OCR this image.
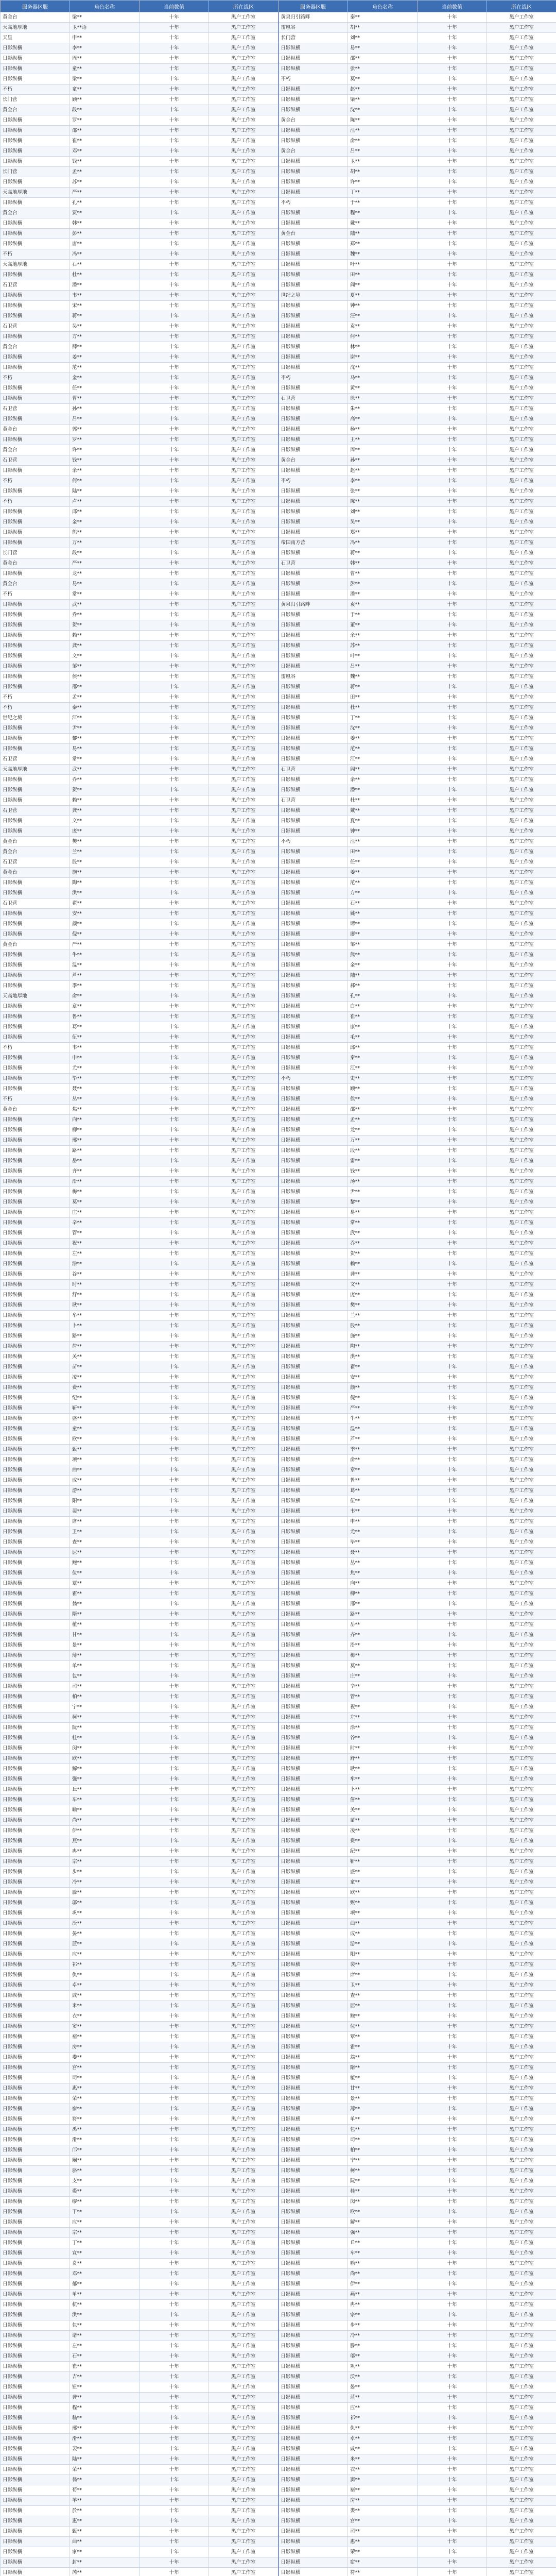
服务器区服	角色名称	当前数值	所在战区	服务器区服	角色名称	当前数值	所在战区
黄金台	梁**	十年	黑户工作室	黄泉归引路畔	秦**	十年	黑户工作室
天高地厚地	卫**语	十年	黑户工作室	雷凰谷	胡**	十年	黑户工作室
天星	申**	十年	黑户工作室	长门营	刘**	十年	黑户工作室
日影纵横	李**	十年	黑户工作室	日影纵横	易**	十年	黑户工作室
日影纵横	周**	十年	黑户工作室	日影纵横	邵**	十年	黑户工作室
日影纵横	童**	十年	黑户工作室	日影纵横	张**	十年	黑户工作室
日影纵横	梁**	十年	黑户工作室	不朽	莫**	十年	黑户工作室
不朽	童**	十年	黑户工作室	日影纵横	赵**	十年	黑户工作室
长门营	顾**	十年	黑户工作室	日影纵横	梁**	十年	黑户工作室
黄金台	段**	十年	黑户工作室	日影纵横	沈**	十年	黑户工作室
日影纵横	罗**	十年	黑户工作室	黄金台	陈**	十年	黑户工作室
日影纵横	邵**	十年	黑户工作室	日影纵横	汪**	十年	黑户工作室
日影纵横	崔**	十年	黑户工作室	日影纵横	俞**	十年	黑户工作室
日影纵横	邓**	十年	黑户工作室	黄金台	吕**	十年	黑户工作室
日影纵横	钱**	十年	黑户工作室	日影纵横	卫**	十年	黑户工作室
长门营	孟**	十年	黑户工作室	日影纵横	胡**	十年	黑户工作室
日影纵横	苏**	十年	黑户工作室	日影纵横	许**	十年	黑户工作室
天高地厚地	严**	十年	黑户工作室	日影纵横	丁**	十年	黑户工作室
日影纵横	孔**	十年	黑户工作室	不朽	于**	十年	黑户工作室
黄金台	贾**	十年	黑户工作室	日影纵横	程**	十年	黑户工作室
日影纵横	韩**	十年	黑户工作室	日影纵横	戴**	十年	黑户工作室
日影纵横	彭**	十年	黑户工作室	黄金台	陆**	十年	黑户工作室
日影纵横	唐**	十年	黑户工作室	日影纵横	郑**	十年	黑户工作室
不朽	冯**	十年	黑户工作室	日影纵横	魏**	十年	黑户工作室
天高地厚地	石**	十年	黑户工作室	日影纵横	叶**	十年	黑户工作室
日影纵横	杜**	十年	黑户工作室	日影纵横	田**	十年	黑户工作室
石卫营	潘**	十年	黑户工作室	日影纵横	阎**	十年	黑户工作室
日影纵横	韦**	十年	黑户工作室	世纪之境	夏**	十年	黑户工作室
日影纵横	宋**	十年	黑户工作室	日影纵横	钟**	十年	黑户工作室
日影纵横	蒋**	十年	黑户工作室	日影纵横	汪**	十年	黑户工作室
石卫营	吴**	十年	黑户工作室	日影纵横	袁**	十年	黑户工作室
日影纵横	方**	十年	黑户工作室	日影纵横	何**	十年	黑户工作室
黄金台	薛**	十年	黑户工作室	日影纵横	林**	十年	黑户工作室
日影纵横	姜**	十年	黑户工作室	日影纵横	谢**	十年	黑户工作室
日影纵横	范**	十年	黑户工作室	日影纵横	沈**	十年	黑户工作室
不朽	金**	十年	黑户工作室	不朽	马**	十年	黑户工作室
日影纵横	任**	十年	黑户工作室	日影纵横	黄**	十年	黑户工作室
日影纵横	曹**	十年	黑户工作室	石卫营	徐**	十年	黑户工作室
石卫营	孙**	十年	黑户工作室	日影纵横	朱**	十年	黑户工作室
日影纵横	吕**	十年	黑户工作室	日影纵横	高**	十年	黑户工作室
黄金台	郭**	十年	黑户工作室	日影纵横	杨**	十年	黑户工作室
日影纵横	罗**	十年	黑户工作室	日影纵横	王**	十年	黑户工作室
黄金台	许**	十年	黑户工作室	日影纵横	周**	十年	黑户工作室
石卫营	钱**	十年	黑户工作室	黄金台	孙**	十年	黑户工作室
日影纵横	余**	十年	黑户工作室	日影纵横	赵**	十年	黑户工作室
不朽	何**	十年	黑户工作室	不朽	李**	十年	黑户工作室
日影纵横	陆**	十年	黑户工作室	日影纵横	张**	十年	黑户工作室
不朽	卢**	十年	黑户工作室	日影纵横	陈**	十年	黑户工作室
日影纵横	邱**	十年	黑户工作室	日影纵横	刘**	十年	黑户工作室
日影纵横	金**	十年	黑户工作室	日影纵横	吴**	十年	黑户工作室
日影纵横	熊**	十年	黑户工作室	日影纵横	郑**	十年	黑户工作室
日影纵横	万**	十年	黑户工作室	帝国南方营	冯**	十年	黑户工作室
长门营	段**	十年	黑户工作室	日影纵横	蒋**	十年	黑户工作室
黄金台	严**	十年	黑户工作室	石卫营	韩**	十年	黑户工作室
日影纵横	龙**	十年	黑户工作室	日影纵横	曹**	十年	黑户工作室
黄金台	易**	十年	黑户工作室	日影纵横	彭**	十年	黑户工作室
不朽	常**	十年	黑户工作室	日影纵横	潘**	十年	黑户工作室
日影纵横	武**	十年	黑户工作室	黄泉归引路畔	袁**	十年	黑户工作室
日影纵横	乔**	十年	黑户工作室	日影纵横	于**	十年	黑户工作室
日影纵横	贺**	十年	黑户工作室	日影纵横	董**	十年	黑户工作室
日影纵横	赖**	十年	黑户工作室	日影纵横	余**	十年	黑户工作室
日影纵横	龚**	十年	黑户工作室	日影纵横	苏**	十年	黑户工作室
日影纵横	文**	十年	黑户工作室	日影纵横	叶**	十年	黑户工作室
日影纵横	邹**	十年	黑户工作室	日影纵横	吕**	十年	黑户工作室
日影纵横	侯**	十年	黑户工作室	雷凰谷	魏**	十年	黑户工作室
日影纵横	邵**	十年	黑户工作室	日影纵横	蒋**	十年	黑户工作室
不朽	孟**	十年	黑户工作室	日影纵横	田**	十年	黑户工作室
不朽	秦**	十年	黑户工作室	日影纵横	杜**	十年	黑户工作室
世纪之境	江**	十年	黑户工作室	日影纵横	丁**	十年	黑户工作室
日影纵横	尹**	十年	黑户工作室	日影纵横	沈**	十年	黑户工作室
日影纵横	黎**	十年	黑户工作室	日影纵横	姜**	十年	黑户工作室
日影纵横	易**	十年	黑户工作室	日影纵横	范**	十年	黑户工作室
石卫营	常**	十年	黑户工作室	日影纵横	江**	十年	黑户工作室
天高地厚地	武**	十年	黑户工作室	石卫营	阎**	十年	黑户工作室
日影纵横	乔**	十年	黑户工作室	日影纵横	余**	十年	黑户工作室
日影纵横	贺**	十年	黑户工作室	日影纵横	潘**	十年	黑户工作室
日影纵横	赖**	十年	黑户工作室	石卫营	杜**	十年	黑户工作室
石卫营	龚**	十年	黑户工作室	日影纵横	戴**	十年	黑户工作室
日影纵横	文**	十年	黑户工作室	日影纵横	夏**	十年	黑户工作室
日影纵横	庞**	十年	黑户工作室	日影纵横	钟**	十年	黑户工作室
黄金台	樊**	十年	黑户工作室	不朽	汪**	十年	黑户工作室
黄金台	兰**	十年	黑户工作室	日影纵横	田**	十年	黑户工作室
石卫营	殷**	十年	黑户工作室	日影纵横	任**	十年	黑户工作室
黄金台	施**	十年	黑户工作室	日影纵横	姜**	十年	黑户工作室
日影纵横	陶**	十年	黑户工作室	日影纵横	范**	十年	黑户工作室
日影纵横	洪**	十年	黑户工作室	日影纵横	方**	十年	黑户工作室
石卫营	翟**	十年	黑户工作室	日影纵横	石**	十年	黑户工作室
日影纵横	安**	十年	黑户工作室	日影纵横	姚**	十年	黑户工作室
日影纵横	颜**	十年	黑户工作室	日影纵横	谭**	十年	黑户工作室
日影纵横	倪**	十年	黑户工作室	日影纵横	廖**	十年	黑户工作室
黄金台	严**	十年	黑户工作室	日影纵横	邹**	十年	黑户工作室
日影纵横	牛**	十年	黑户工作室	日影纵横	熊**	十年	黑户工作室
日影纵横	温**	十年	黑户工作室	日影纵横	金**	十年	黑户工作室
日影纵横	芦**	十年	黑户工作室	日影纵横	陆**	十年	黑户工作室
日影纵横	季**	十年	黑户工作室	日影纵横	郝**	十年	黑户工作室
天高地厚地	俞**	十年	黑户工作室	日影纵横	孔**	十年	黑户工作室
日影纵横	章**	十年	黑户工作室	日影纵横	白**	十年	黑户工作室
日影纵横	鲁**	十年	黑户工作室	日影纵横	崔**	十年	黑户工作室
日影纵横	葛**	十年	黑户工作室	日影纵横	康**	十年	黑户工作室
日影纵横	伍**	十年	黑户工作室	日影纵横	毛**	十年	黑户工作室
不朽	韦**	十年	黑户工作室	日影纵横	邱**	十年	黑户工作室
日影纵横	申**	十年	黑户工作室	日影纵横	秦**	十年	黑户工作室
日影纵横	尤**	十年	黑户工作室	日影纵横	江**	十年	黑户工作室
日影纵横	毕**	十年	黑户工作室	不朽	史**	十年	黑户工作室
日影纵横	聂**	十年	黑户工作室	日影纵横	顾**	十年	黑户工作室
不朽	丛**	十年	黑户工作室	日影纵横	侯**	十年	黑户工作室
黄金台	焦**	十年	黑户工作室	日影纵横	邵**	十年	黑户工作室
日影纵横	向**	十年	黑户工作室	日影纵横	孟**	十年	黑户工作室
日影纵横	柳**	十年	黑户工作室	日影纵横	龙**	十年	黑户工作室
日影纵横	邢**	十年	黑户工作室	日影纵横	万**	十年	黑户工作室
日影纵横	路**	十年	黑户工作室	日影纵横	段**	十年	黑户工作室
日影纵横	岳**	十年	黑户工作室	日影纵横	雷**	十年	黑户工作室
日影纵横	齐**	十年	黑户工作室	日影纵横	钱**	十年	黑户工作室
日影纵横	沿**	十年	黑户工作室	日影纵横	汤**	十年	黑户工作室
日影纵横	梅**	十年	黑户工作室	日影纵横	尹**	十年	黑户工作室
日影纵横	莫**	十年	黑户工作室	日影纵横	黎**	十年	黑户工作室
日影纵横	庄**	十年	黑户工作室	日影纵横	易**	十年	黑户工作室
日影纵横	辛**	十年	黑户工作室	日影纵横	常**	十年	黑户工作室
日影纵横	管**	十年	黑户工作室	日影纵横	武**	十年	黑户工作室
日影纵横	祝**	十年	黑户工作室	日影纵横	乔**	十年	黑户工作室
日影纵横	左**	十年	黑户工作室	日影纵横	贺**	十年	黑户工作室
日影纵横	涂**	十年	黑户工作室	日影纵横	赖**	十年	黑户工作室
日影纵横	谷**	十年	黑户工作室	日影纵横	龚**	十年	黑户工作室
日影纵横	时**	十年	黑户工作室	日影纵横	文**	十年	黑户工作室
日影纵横	舒**	十年	黑户工作室	日影纵横	庞**	十年	黑户工作室
日影纵横	耿**	十年	黑户工作室	日影纵横	樊**	十年	黑户工作室
日影纵横	牟**	十年	黑户工作室	日影纵横	兰**	十年	黑户工作室
日影纵横	卜**	十年	黑户工作室	日影纵横	殷**	十年	黑户工作室
日影纵横	路**	十年	黑户工作室	日影纵横	施**	十年	黑户工作室
日影纵横	詹**	十年	黑户工作室	日影纵横	陶**	十年	黑户工作室
日影纵横	关**	十年	黑户工作室	日影纵横	洪**	十年	黑户工作室
日影纵横	苗**	十年	黑户工作室	日影纵横	翟**	十年	黑户工作室
日影纵横	凌**	十年	黑户工作室	日影纵横	安**	十年	黑户工作室
日影纵横	费**	十年	黑户工作室	日影纵横	颜**	十年	黑户工作室
日影纵横	纪**	十年	黑户工作室	日影纵横	倪**	十年	黑户工作室
日影纵横	靳**	十年	黑户工作室	日影纵横	严**	十年	黑户工作室
日影纵横	盛**	十年	黑户工作室	日影纵横	牛**	十年	黑户工作室
日影纵横	童**	十年	黑户工作室	日影纵横	温**	十年	黑户工作室
日影纵横	欧**	十年	黑户工作室	日影纵横	芦**	十年	黑户工作室
日影纵横	甄**	十年	黑户工作室	日影纵横	季**	十年	黑户工作室
日影纵横	项**	十年	黑户工作室	日影纵横	俞**	十年	黑户工作室
日影纵横	曲**	十年	黑户工作室	日影纵横	章**	十年	黑户工作室
日影纵横	成**	十年	黑户工作室	日影纵横	鲁**	十年	黑户工作室
日影纵横	游**	十年	黑户工作室	日影纵横	葛**	十年	黑户工作室
日影纵横	阳**	十年	黑户工作室	日影纵横	伍**	十年	黑户工作室
日影纵横	裴**	十年	黑户工作室	日影纵横	韦**	十年	黑户工作室
日影纵横	席**	十年	黑户工作室	日影纵横	申**	十年	黑户工作室
日影纵横	卫**	十年	黑户工作室	日影纵横	尤**	十年	黑户工作室
日影纵横	查**	十年	黑户工作室	日影纵横	毕**	十年	黑户工作室
日影纵横	屈**	十年	黑户工作室	日影纵横	聂**	十年	黑户工作室
日影纵横	鲍**	十年	黑户工作室	日影纵横	丛**	十年	黑户工作室
日影纵横	位**	十年	黑户工作室	日影纵横	焦**	十年	黑户工作室
日影纵横	覃**	十年	黑户工作室	日影纵横	向**	十年	黑户工作室
日影纵横	霍**	十年	黑户工作室	日影纵横	柳**	十年	黑户工作室
日影纵横	翁**	十年	黑户工作室	日影纵横	邢**	十年	黑户工作室
日影纵横	隋**	十年	黑户工作室	日影纵横	路**	十年	黑户工作室
日影纵横	植**	十年	黑户工作室	日影纵横	岳**	十年	黑户工作室
日影纵横	甘**	十年	黑户工作室	日影纵横	齐**	十年	黑户工作室
日影纵横	景**	十年	黑户工作室	日影纵横	沿**	十年	黑户工作室
日影纵横	薄**	十年	黑户工作室	日影纵横	梅**	十年	黑户工作室
日影纵横	单**	十年	黑户工作室	日影纵横	莫**	十年	黑户工作室
日影纵横	包**	十年	黑户工作室	日影纵横	庄**	十年	黑户工作室
日影纵横	司**	十年	黑户工作室	日影纵横	辛**	十年	黑户工作室
日影纵横	柏**	十年	黑户工作室	日影纵横	管**	十年	黑户工作室
日影纵横	宁**	十年	黑户工作室	日影纵横	祝**	十年	黑户工作室
日影纵横	柯**	十年	黑户工作室	日影纵横	左**	十年	黑户工作室
日影纵横	阮**	十年	黑户工作室	日影纵横	涂**	十年	黑户工作室
日影纵横	桂**	十年	黑户工作室	日影纵横	谷**	十年	黑户工作室
日影纵横	闵**	十年	黑户工作室	日影纵横	时**	十年	黑户工作室
日影纵横	欧**	十年	黑户工作室	日影纵横	舒**	十年	黑户工作室
日影纵横	解**	十年	黑户工作室	日影纵横	耿**	十年	黑户工作室
日影纵横	强**	十年	黑户工作室	日影纵横	牟**	十年	黑户工作室
日影纵横	丘**	十年	黑户工作室	日影纵横	卜**	十年	黑户工作室
日影纵横	车**	十年	黑户工作室	日影纵横	詹**	十年	黑户工作室
日影纵横	喻**	十年	黑户工作室	日影纵横	关**	十年	黑户工作室
日影纵横	尚**	十年	黑户工作室	日影纵横	苗**	十年	黑户工作室
日影纵横	伊**	十年	黑户工作室	日影纵横	凌**	十年	黑户工作室
日影纵横	燕**	十年	黑户工作室	日影纵横	费**	十年	黑户工作室
日影纵横	冉**	十年	黑户工作室	日影纵横	纪**	十年	黑户工作室
日影纵横	宗**	十年	黑户工作室	日影纵横	靳**	十年	黑户工作室
日影纵横	步**	十年	黑户工作室	日影纵横	盛**	十年	黑户工作室
日影纵横	冷**	十年	黑户工作室	日影纵横	童**	十年	黑户工作室
日影纵横	滕**	十年	黑户工作室	日影纵横	欧**	十年	黑户工作室
日影纵横	邬**	十年	黑户工作室	日影纵横	甄**	十年	黑户工作室
日影纵横	巩**	十年	黑户工作室	日影纵横	项**	十年	黑户工作室
日影纵横	沃**	十年	黑户工作室	日影纵横	曲**	十年	黑户工作室
日影纵横	晏**	十年	黑户工作室	日影纵横	成**	十年	黑户工作室
日影纵横	蓝**	十年	黑户工作室	日影纵横	游**	十年	黑户工作室
日影纵横	应**	十年	黑户工作室	日影纵横	阳**	十年	黑户工作室
日影纵横	祁**	十年	黑户工作室	日影纵横	裴**	十年	黑户工作室
日影纵横	仇**	十年	黑户工作室	日影纵横	席**	十年	黑户工作室
日影纵横	卓**	十年	黑户工作室	日影纵横	卫**	十年	黑户工作室
日影纵横	戚**	十年	黑户工作室	日影纵横	查**	十年	黑户工作室
日影纵横	米**	十年	黑户工作室	日影纵横	屈**	十年	黑户工作室
日影纵横	衣**	十年	黑户工作室	日影纵横	鲍**	十年	黑户工作室
日影纵横	窦**	十年	黑户工作室	日影纵横	位**	十年	黑户工作室
日影纵横	褚**	十年	黑户工作室	日影纵横	覃**	十年	黑户工作室
日影纵横	房**	十年	黑户工作室	日影纵横	霍**	十年	黑户工作室
日影纵横	娄**	十年	黑户工作室	日影纵横	翁**	十年	黑户工作室
日影纵横	宫**	十年	黑户工作室	日影纵横	隋**	十年	黑户工作室
日影纵横	司**	十年	黑户工作室	日影纵横	植**	十年	黑户工作室
日影纵横	惠**	十年	黑户工作室	日影纵横	甘**	十年	黑户工作室
日影纵横	荣**	十年	黑户工作室	日影纵横	景**	十年	黑户工作室
日影纵横	宿**	十年	黑户工作室	日影纵横	薄**	十年	黑户工作室
日影纵横	符**	十年	黑户工作室	日影纵横	单**	十年	黑户工作室
日影纵横	禹**	十年	黑户工作室	日影纵横	包**	十年	黑户工作室
日影纵横	滑**	十年	黑户工作室	日影纵横	司**	十年	黑户工作室
日影纵横	邝**	十年	黑户工作室	日影纵横	柏**	十年	黑户工作室
日影纵横	阚**	十年	黑户工作室	日影纵横	宁**	十年	黑户工作室
日影纵横	骆**	十年	黑户工作室	日影纵横	柯**	十年	黑户工作室
日影纵横	支**	十年	黑户工作室	日影纵横	阮**	十年	黑户工作室
日影纵横	裘**	十年	黑户工作室	日影纵横	桂**	十年	黑户工作室
日影纵横	缪**	十年	黑户工作室	日影纵横	闵**	十年	黑户工作室
日影纵横	干**	十年	黑户工作室	日影纵横	欧**	十年	黑户工作室
日影纵横	应**	十年	黑户工作室	日影纵横	解**	十年	黑户工作室
日影纵横	宗**	十年	黑户工作室	日影纵横	强**	十年	黑户工作室
日影纵横	丁**	十年	黑户工作室	日影纵横	丘**	十年	黑户工作室
日影纵横	宣**	十年	黑户工作室	日影纵横	车**	十年	黑户工作室
日影纵横	贲**	十年	黑户工作室	日影纵横	喻**	十年	黑户工作室
日影纵横	邓**	十年	黑户工作室	日影纵横	尚**	十年	黑户工作室
日影纵横	郁**	十年	黑户工作室	日影纵横	伊**	十年	黑户工作室
日影纵横	单**	十年	黑户工作室	日影纵横	燕**	十年	黑户工作室
日影纵横	杭**	十年	黑户工作室	日影纵横	冉**	十年	黑户工作室
日影纵横	洪**	十年	黑户工作室	日影纵横	宗**	十年	黑户工作室
日影纵横	包**	十年	黑户工作室	日影纵横	步**	十年	黑户工作室
日影纵横	诸**	十年	黑户工作室	日影纵横	冷**	十年	黑户工作室
日影纵横	左**	十年	黑户工作室	日影纵横	滕**	十年	黑户工作室
日影纵横	石**	十年	黑户工作室	日影纵横	邬**	十年	黑户工作室
日影纵横	崔**	十年	黑户工作室	日影纵横	巩**	十年	黑户工作室
日影纵横	吉**	十年	黑户工作室	日影纵横	沃**	十年	黑户工作室
日影纵横	钮**	十年	黑户工作室	日影纵横	晏**	十年	黑户工作室
日影纵横	龚**	十年	黑户工作室	日影纵横	蓝**	十年	黑户工作室
日影纵横	程**	十年	黑户工作室	日影纵横	应**	十年	黑户工作室
日影纵横	嵇**	十年	黑户工作室	日影纵横	祁**	十年	黑户工作室
日影纵横	邢**	十年	黑户工作室	日影纵横	仇**	十年	黑户工作室
日影纵横	滑**	十年	黑户工作室	日影纵横	卓**	十年	黑户工作室
日影纵横	裴**	十年	黑户工作室	日影纵横	戚**	十年	黑户工作室
日影纵横	陆**	十年	黑户工作室	日影纵横	米**	十年	黑户工作室
日影纵横	荣**	十年	黑户工作室	日影纵横	衣**	十年	黑户工作室
日影纵横	翁**	十年	黑户工作室	日影纵横	窦**	十年	黑户工作室
日影纵横	荀**	十年	黑户工作室	日影纵横	褚**	十年	黑户工作室
日影纵横	羊**	十年	黑户工作室	日影纵横	房**	十年	黑户工作室
日影纵横	於**	十年	黑户工作室	日影纵横	娄**	十年	黑户工作室
日影纵横	惠**	十年	黑户工作室	日影纵横	宫**	十年	黑户工作室
日影纵横	甄**	十年	黑户工作室	日影纵横	司**	十年	黑户工作室
日影纵横	曲**	十年	黑户工作室	日影纵横	惠**	十年	黑户工作室
日影纵横	家**	十年	黑户工作室	日影纵横	荣**	十年	黑户工作室
日影纵横	封**	十年	黑户工作室	日影纵横	宿**	十年	黑户工作室
日影纵横	芮**	十年	黑户工作室	日影纵横	符**	十年	黑户工作室
